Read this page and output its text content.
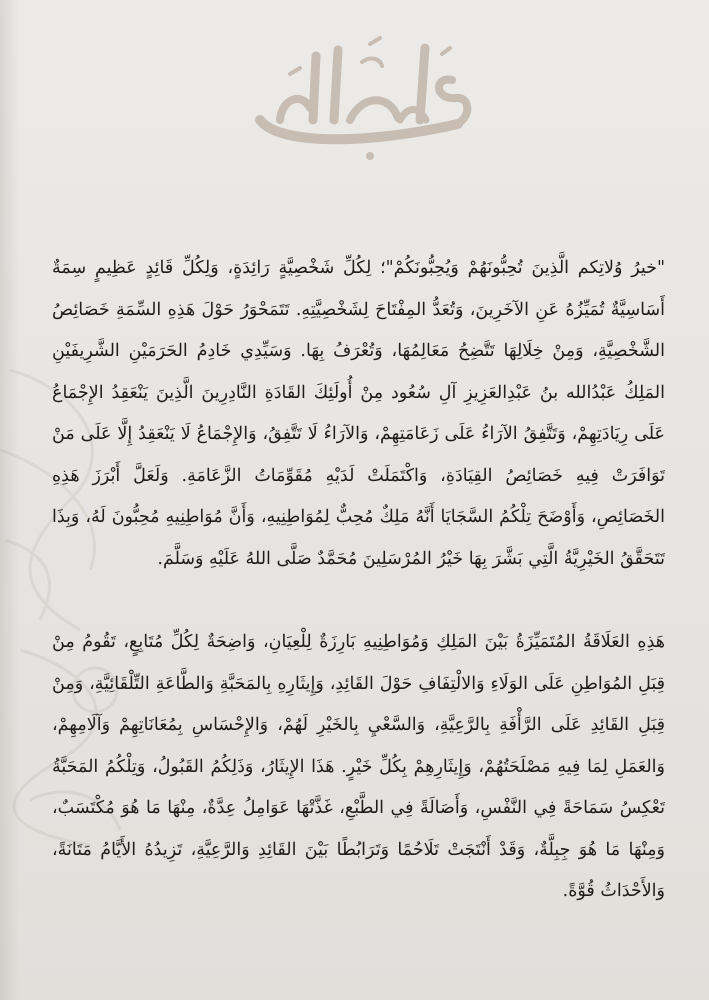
"خيرُ وُلاتِكم الَّذِينَ تُحِبُّونَهُمْ وَيُحِبُّونَكُمْ"؛ لِكُلِّ شَخْصِيَّةٍ رَائِدَةٍ، وَلِكُلِّ قَائِدٍ عَظِيمٍ سِمَةٌ أَسَاسِيَّةٌ تُمَيِّزُهُ عَنِ الآخَرِينَ، وَتُعَدُّ المِفْتَاحَ لِشَخْصِيَّتِهِ. تَتَمَحْوَرُ حَوْلَ هَذِهِ السِّمَةِ خَصَائِصُ الشَّخْصِيَّةِ، وَمِنْ خِلَالِهَا تَتَّضِحُ مَعَالِمُهَا، وَتُعْرَفُ بِهَا. وَسَيِّدِي خَادِمُ الحَرَمَيْنِ الشَّرِيفَيْنِ المَلِكُ عَبْدُالله بنُ عَبْدِالعَزِيزِ آلِ سُعُود مِنْ أُولَئِكَ القَادَةِ النَّادِرِينَ الَّذِينَ يَنْعَقِدُ الإِجْمَاعُ عَلَى رِيَادَتِهِمْ، وَتَتَّفِقُ الآرَاءُ عَلَى زَعَامَتِهِمْ، وَالآرَاءُ لَا تَتَّفِقُ، وَالإِجْمَاعُ لَا يَنْعَقِدُ إِلَّا عَلَى مَنْ تَوَافَرَتْ فِيهِ خَصَائِصُ القِيَادَةِ، وَاكْتَمَلَتْ لَدَيْهِ مُقَوِّمَاتُ الزَّعَامَةِ. وَلَعَلَّ أَبْرَزَ هَذِهِ الخَصَائِصِ، وَأَوْضَحَ تِلْكُمُ السَّجَايَا أَنَّهُ مَلِكٌ مُحِبٌّ لِمُوَاطِنِيهِ، وَأَنَّ مُوَاطِنِيهِ مُحِبُّونَ لَهُ، وَبِذَا تَتَحَقَّقُ الخَيْرِيَّةُ الَّتِي بَشَّرَ بِهَا خَيْرُ المُرْسَلِينَ مُحَمَّدٌ صَلَّى اللهُ عَلَيْهِ وَسَلَّمَ.

هَذِهِ العَلَاقَةُ المُتَمَيِّزَةُ بَيْنَ المَلِكِ وَمُوَاطِنِيهِ بَارِزَةٌ لِلْعِيَانِ، وَاضِحَةٌ لِكُلِّ مُتَابِعٍ، تَقُومُ مِنْ قِبَلِ المُوَاطِنِ عَلَى الوَلَاءِ وَالالْتِفَافِ حَوْلَ القَائِدِ، وَإِيثَارِهِ بِالمَحَبَّةِ وَالطَّاعَةِ التِّلْقَائِيَّةِ، وَمِنْ قِبَلِ القَائِدِ عَلَى الرَّأْفَةِ بِالرَّعِيَّةِ، وَالسَّعْيِ بِالخَيْرِ لَهُمْ، وَالإِحْسَاسِ بِمُعَانَاتِهِمْ وَآلَامِهِمْ، وَالعَمَلِ لِمَا فِيهِ مَصْلَحَتُهُمْ، وَإِيثَارِهِمْ بِكُلِّ خَيْرٍ. هَذَا الإِيثَارُ، وَذَلِكُمُ القَبُولُ، وَتِلْكُمُ المَحَبَّةُ تَعْكِسُ سَمَاحَةً فِي النَّفْسِ، وَأَصَالَةً فِي الطَّبْعِ، غَذَّتْهَا عَوَامِلُ عِدَّةٌ، مِنْهَا مَا هُوَ مُكْتَسَبٌ، وَمِنْهَا مَا هُوَ جِبِلَّةٌ، وَقَدْ أَنْتَجَتْ تَلَاحُمًا وَتَرَابُطًا بَيْنَ القَائِدِ وَالرَّعِيَّةِ، تَزِيدُهُ الأَيَّامُ مَتَانَةً، وَالأَحْدَاثُ قُوَّةً.
